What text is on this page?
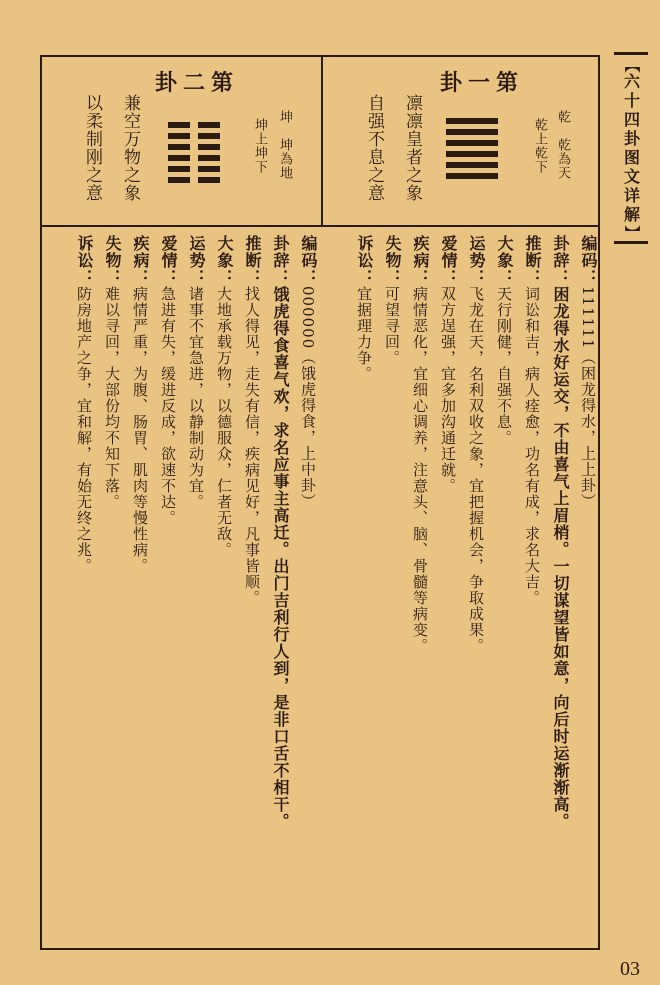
【
六十四卦图文详解
】
第一卦
乾　乾為天
乾上乾下
凛凛皇者之象
自强不息之意
第二卦
坤　坤為地
坤上坤下
兼空万物之象
以柔制刚之意
编码：111111（困龙得水，上上卦）
卦辞：困龙得水好运交，不由喜气上眉梢。一切谋望皆如意，向后时运渐渐高。
推断：词讼和吉，病人痊愈，功名有成，求名大吉。
大象：天行刚健，自强不息。
运势：飞龙在天，名利双收之象，宜把握机会，争取成果。
爱情：双方逞强，宜多加沟通迁就。
疾病：病情恶化，宜细心调养，注意头、脑、骨髓等病变。
失物：可望寻回。
诉讼：宜据理力争。
编码：000000（饿虎得食，上中卦）
卦辞：饿虎得食喜气欢，求名应事主高迁。出门吉利行人到，是非口舌不相干。
推断：找人得见，走失有信，疾病见好，凡事皆顺。
大象：大地承载万物，以德服众，仁者无敌。
运势：诸事不宜急进，以静制动为宜。
爱情：急进有失，缓进反成，欲速不达。
疾病：病情严重，为腹、肠胃、肌肉等慢性病。
失物：难以寻回，大部份均不知下落。
诉讼：防房地产之争，宜和解，有始无终之兆。
03
